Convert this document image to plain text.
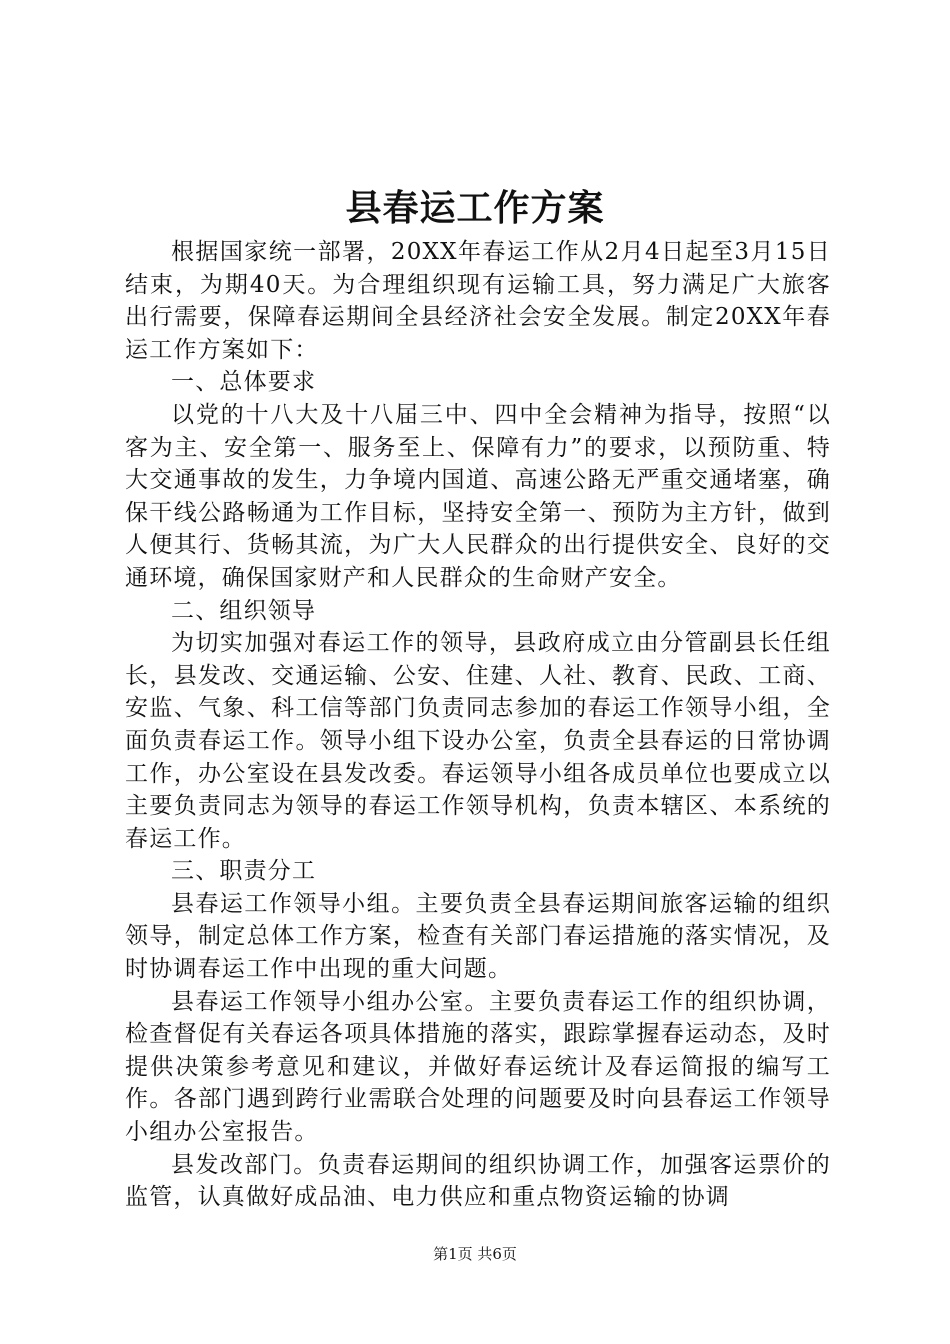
县春运工作方案

根据国家统一部署，20XX年春运工作从2月4日起至3月15日结束，为期40天。为合理组织现有运输工具，努力满足广大旅客出行需要，保障春运期间全县经济社会安全发展。制定20XX年春运工作方案如下：

一、总体要求

以党的十八大及十八届三中、四中全会精神为指导，按照“以客为主、安全第一、服务至上、保障有力”的要求，以预防重、特大交通事故的发生，力争境内国道、高速公路无严重交通堵塞，确保干线公路畅通为工作目标，坚持安全第一、预防为主方针，做到人便其行、货畅其流，为广大人民群众的出行提供安全、良好的交通环境，确保国家财产和人民群众的生命财产安全。

二、组织领导

为切实加强对春运工作的领导，县政府成立由分管副县长任组长，县发改、交通运输、公安、住建、人社、教育、民政、工商、安监、气象、科工信等部门负责同志参加的春运工作领导小组，全面负责春运工作。领导小组下设办公室，负责全县春运的日常协调工作，办公室设在县发改委。春运领导小组各成员单位也要成立以主要负责同志为领导的春运工作领导机构，负责本辖区、本系统的春运工作。

三、职责分工

县春运工作领导小组。主要负责全县春运期间旅客运输的组织领导，制定总体工作方案，检查有关部门春运措施的落实情况，及时协调春运工作中出现的重大问题。

县春运工作领导小组办公室。主要负责春运工作的组织协调，检查督促有关春运各项具体措施的落实，跟踪掌握春运动态，及时提供决策参考意见和建议，并做好春运统计及春运简报的编写工作。各部门遇到跨行业需联合处理的问题要及时向县春运工作领导小组办公室报告。

县发改部门。负责春运期间的组织协调工作，加强客运票价的监管，认真做好成品油、电力供应和重点物资运输的协调

第1页 共6页
